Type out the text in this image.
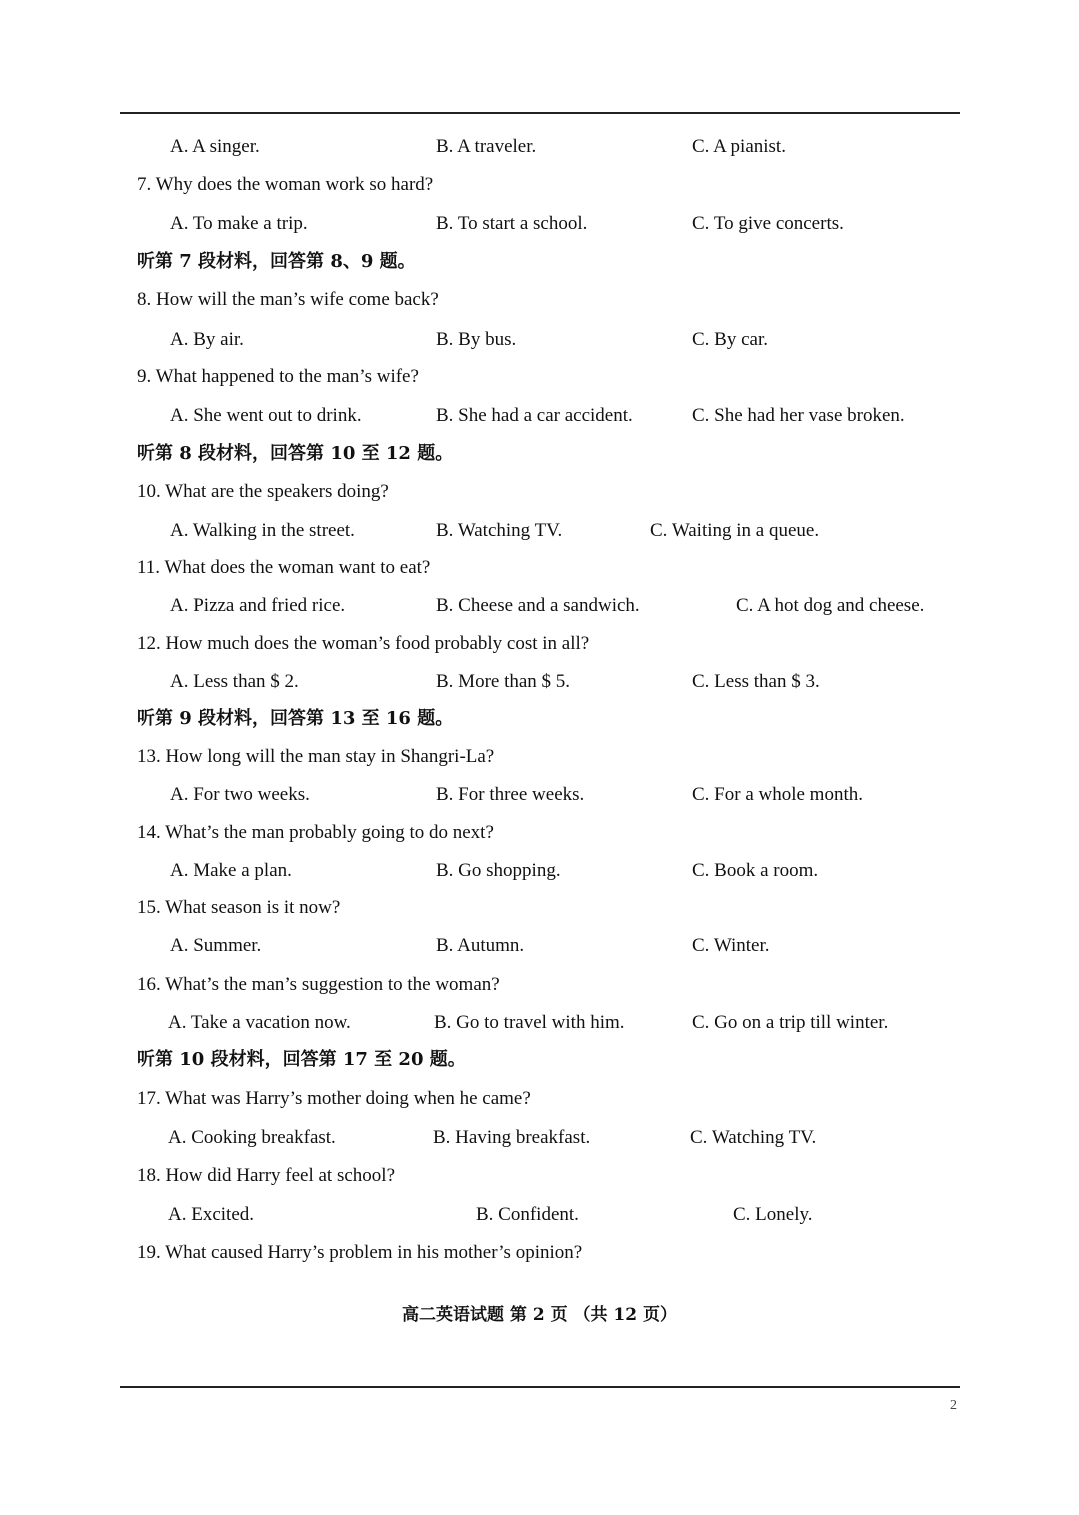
A. A singer.	B. A traveler.	C. A pianist.
7. Why does the woman work so hard?
A. To make a trip.	B. To start a school.	C. To give concerts.
听第 7 段材料，回答第 8、9 题。
8. How will the man’s wife come back?
A. By air.	B. By bus.	C. By car.
9. What happened to the man’s wife?
A. She went out to drink.	B. She had a car accident.	C. She had her vase broken.
听第 8 段材料，回答第 10 至 12 题。
10. What are the speakers doing?
A. Walking in the street.	B. Watching TV.	C. Waiting in a queue.
11. What does the woman want to eat?
A. Pizza and fried rice.	B. Cheese and a sandwich.	C. A hot dog and cheese.
12. How much does the woman’s food probably cost in all?
A. Less than $ 2.	B. More than $ 5.	C. Less than $ 3.
听第 9 段材料，回答第 13 至 16 题。
13. How long will the man stay in Shangri-La?
A. For two weeks.	B. For three weeks.	C. For a whole month.
14. What’s the man probably going to do next?
A. Make a plan.	B. Go shopping.	C. Book a room.
15. What season is it now?
A. Summer.	B. Autumn.	C. Winter.
16. What’s the man’s suggestion to the woman?
A. Take a vacation now.	B. Go to travel with him.	C. Go on a trip till winter.
听第 10 段材料，回答第 17 至 20 题。
17. What was Harry’s mother doing when he came?
A. Cooking breakfast.	B. Having breakfast.	C. Watching TV.
18. How did Harry feel at school?
A. Excited.	B. Confident.	C. Lonely.
19. What caused Harry’s problem in his mother’s opinion?
高二英语试题 第 2 页 （共 12 页）
2
